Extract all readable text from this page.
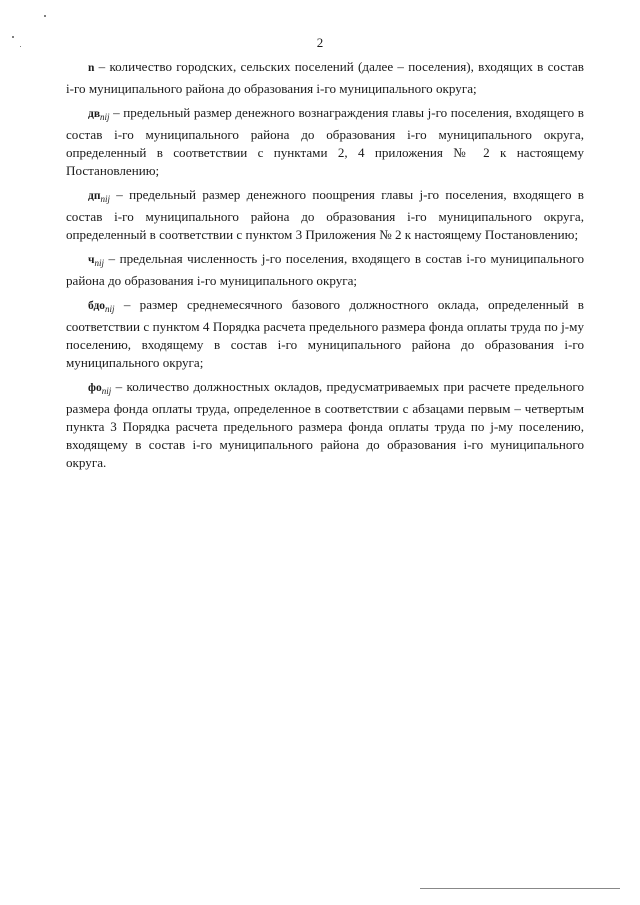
2

n – количество городских, сельских поселений (далее – поселения), входящих в состав i-го муниципального района до образования i-го муниципального округа;

$дв_{пij}$ – предельный размер денежного вознаграждения главы j-го поселения, входящего в состав i-го муниципального района до образования i-го муниципального округа, определенный в соответствии с пунктами 2, 4 приложения № 2 к настоящему Постановлению;

$дп_{пij}$ – предельный размер денежного поощрения главы j-го поселения, входящего в состав i-го муниципального района до образования i-го муниципального округа, определенный в соответствии с пунктом 3 Приложения № 2 к настоящему Постановлению;

$ч_{пij}$ – предельная численность j-го поселения, входящего в состав i-го муниципального района до образования i-го муниципального округа;

бдо$_{пij}$ – размер среднемесячного базового должностного оклада, определенный в соответствии с пунктом 4 Порядка расчета предельного размера фонда оплаты труда по j-му поселению, входящему в состав i-го муниципального района до образования i-го муниципального округа;

$фо_{пij}$ – количество должностных окладов, предусматриваемых при расчете предельного размера фонда оплаты труда, определенное в соответствии с абзацами первым – четвертым пункта 3 Порядка расчета предельного размера фонда оплаты труда по j-му поселению, входящему в состав i-го муниципального района до образования i-го муниципального округа.
